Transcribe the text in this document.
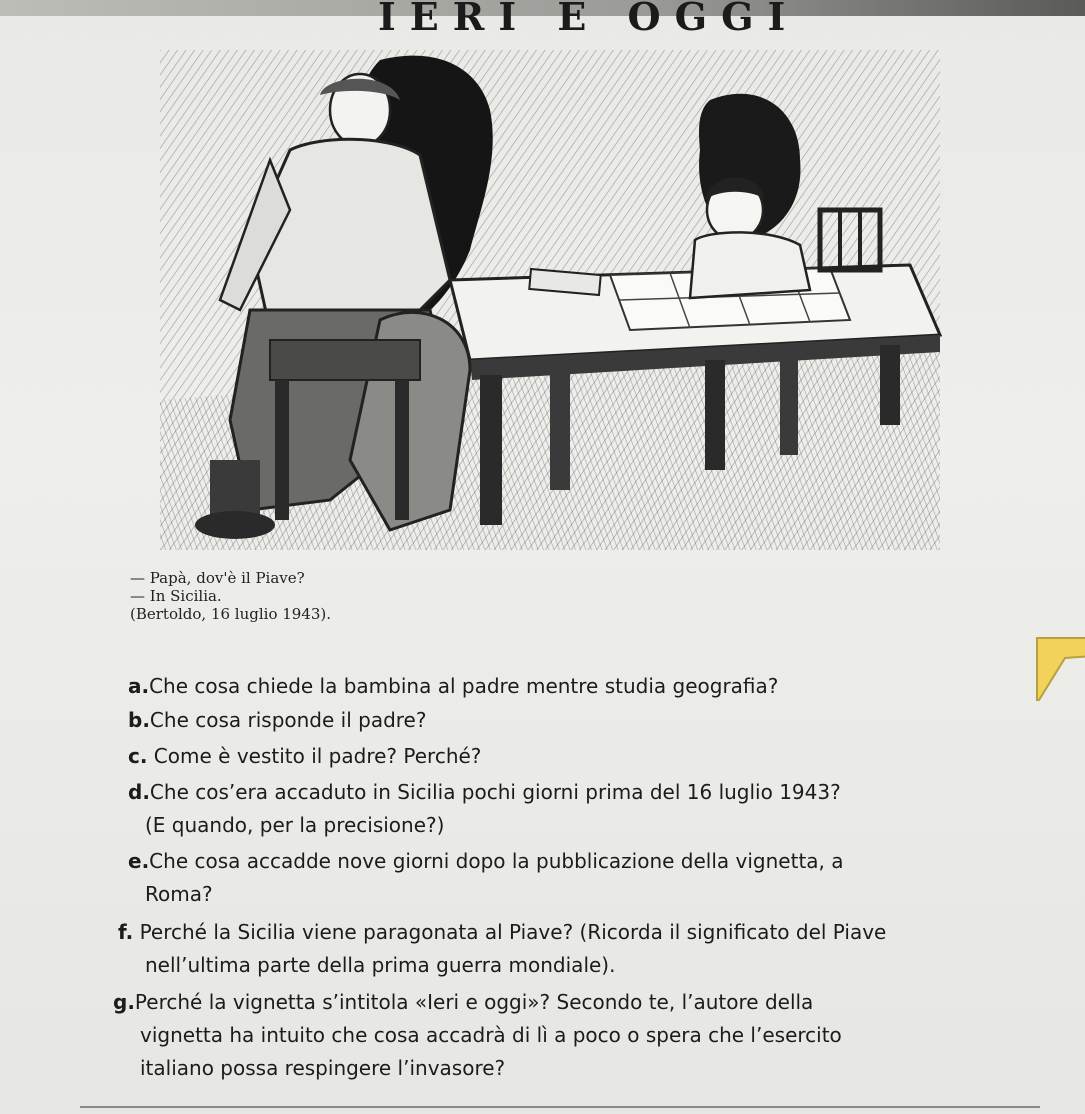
IERI E OGGI
— Papà, dov'è il Piave?
— In Sicilia.
(Bertoldo, 16 luglio 1943).
a.Che cosa chiede la bambina al padre mentre studia geografia?
b.Che cosa risponde il padre?
c. Come è vestito il padre? Perché?
d.Che cos’era accaduto in Sicilia pochi giorni prima del 16 luglio 1943?
(E quando, per la precisione?)
e.Che cosa accadde nove giorni dopo la pubblicazione della vignetta, a
Roma?
f. Perché la Sicilia viene paragonata al Piave? (Ricorda il significato del Piave
nell’ultima parte della prima guerra mondiale).
g.Perché la vignetta s’intitola «Ieri e oggi»? Secondo te, l’autore della
vignetta ha intuito che cosa accadrà di lì a poco o spera che l’esercito
italiano possa respingere l’invasore?
